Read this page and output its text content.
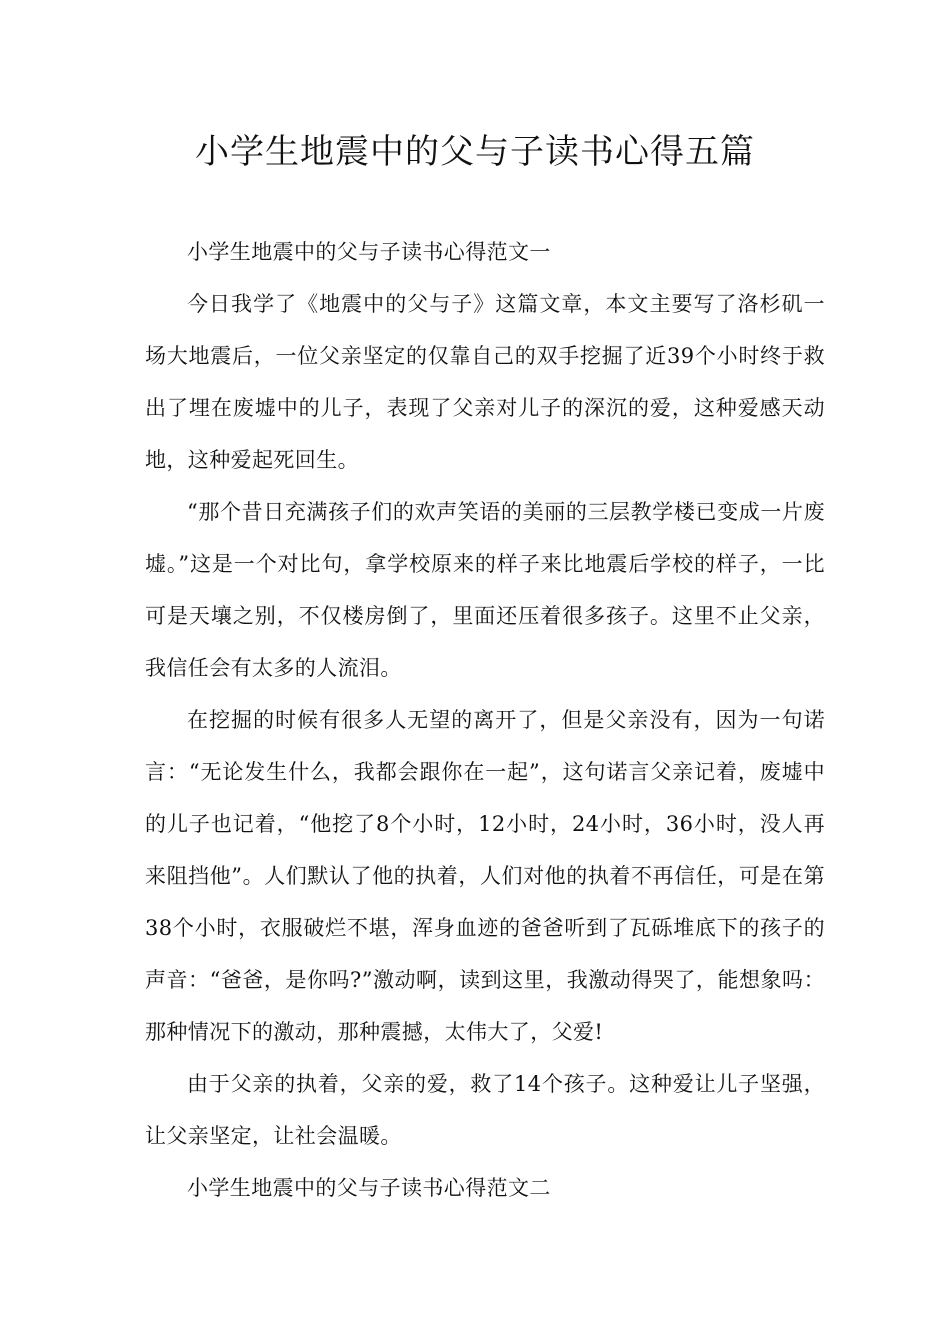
小学生地震中的父与子读书心得五篇

小学生地震中的父与子读书心得范文一

今日我学了《地震中的父与子》这篇文章，本文主要写了洛杉矶一场大地震后，一位父亲坚定的仅靠自己的双手挖掘了近39个小时终于救出了埋在废墟中的儿子，表现了父亲对儿子的深沉的爱，这种爱感天动地，这种爱起死回生。

“那个昔日充满孩子们的欢声笑语的美丽的三层教学楼已变成一片废墟。”这是一个对比句，拿学校原来的样子来比地震后学校的样子，一比可是天壤之别，不仅楼房倒了，里面还压着很多孩子。这里不止父亲，我信任会有太多的人流泪。

在挖掘的时候有很多人无望的离开了，但是父亲没有，因为一句诺言：“无论发生什么，我都会跟你在一起”，这句诺言父亲记着，废墟中的儿子也记着，“他挖了8个小时，12小时，24小时，36小时，没人再来阻挡他”。人们默认了他的执着，人们对他的执着不再信任，可是在第38个小时，衣服破烂不堪，浑身血迹的爸爸听到了瓦砾堆底下的孩子的声音：“爸爸，是你吗?”激动啊，读到这里，我激动得哭了，能想象吗：那种情况下的激动，那种震撼，太伟大了，父爱!

由于父亲的执着，父亲的爱，救了14个孩子。这种爱让儿子坚强，让父亲坚定，让社会温暖。

小学生地震中的父与子读书心得范文二
